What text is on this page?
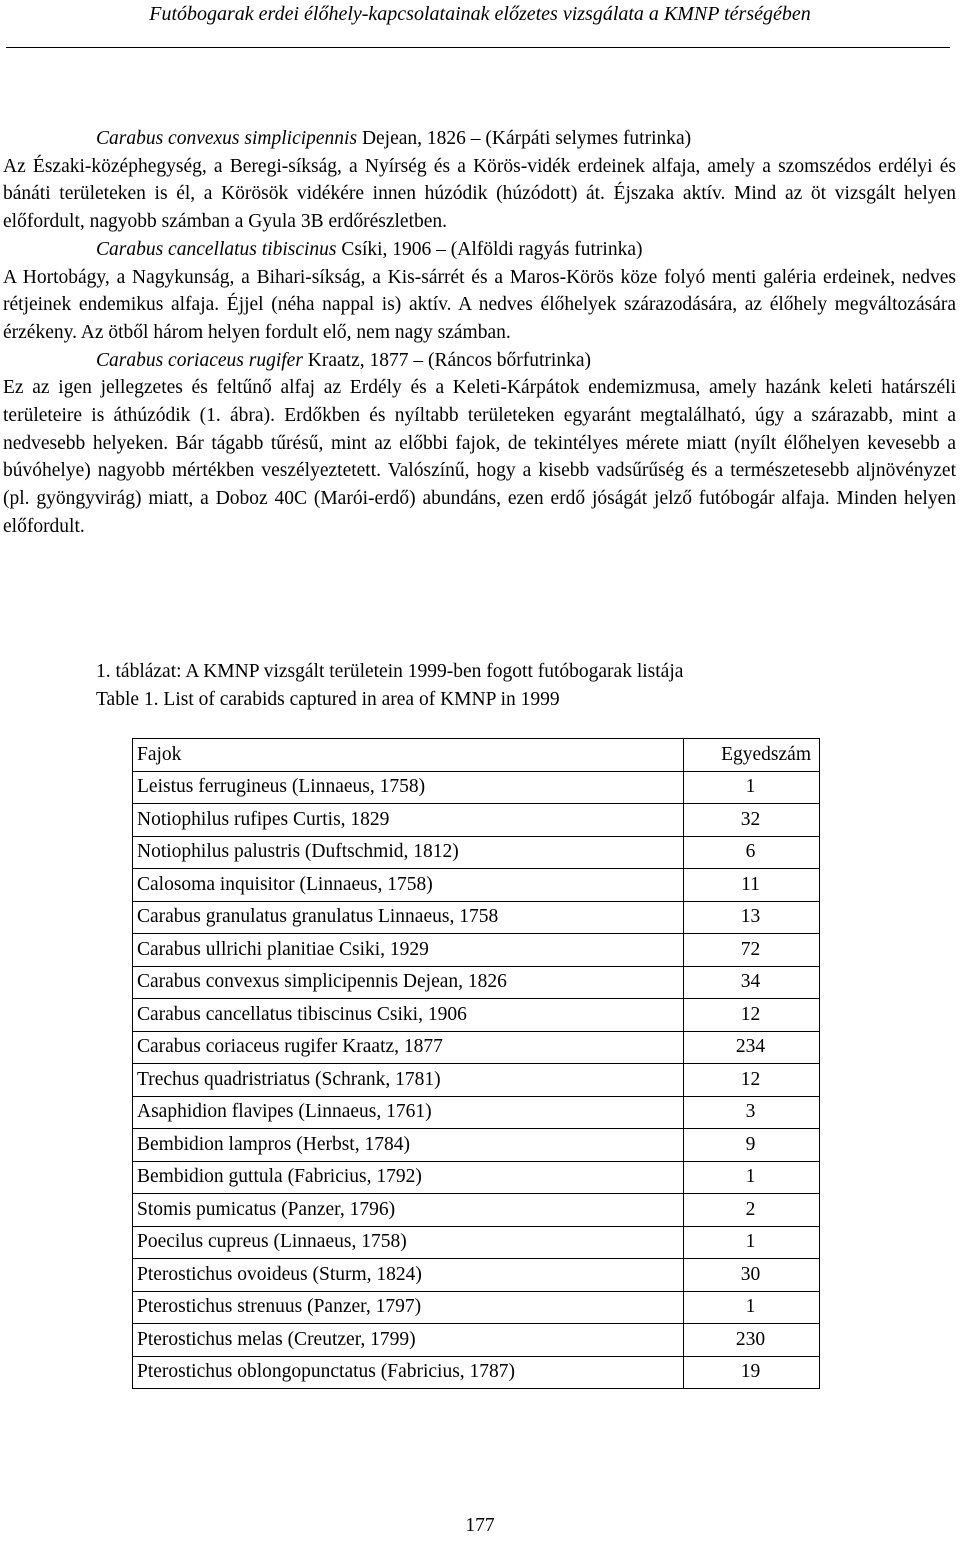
Futóbogarak erdei élőhely-kapcsolatainak előzetes vizsgálata a KMNP térségében

Carabus convexus simplicipennis Dejean, 1826 – (Kárpáti selymes futrinka)

Az Északi-középhegység, a Beregi-síkság, a Nyírség és a Körös-vidék erdeinek alfaja, amely a szomszédos erdélyi és bánáti területeken is él, a Körösök vidékére innen húzódik (húzódott) át. Éjszaka aktív. Mind az öt vizsgált helyen előfordult, nagyobb számban a Gyula 3B erdőrészletben.

Carabus cancellatus tibiscinus Csíki, 1906 – (Alföldi ragyás futrinka)

A Hortobágy, a Nagykunság, a Bihari-síkság, a Kis-sárrét és a Maros-Körös köze folyó menti galéria erdeinek, nedves rétjeinek endemikus alfaja. Éjjel (néha nappal is) aktív. A nedves élőhelyek szárazodására, az élőhely megváltozására érzékeny. Az ötből három helyen fordult elő, nem nagy számban.

Carabus coriaceus rugifer Kraatz, 1877 – (Ráncos bőrfutrinka)

Ez az igen jellegzetes és feltűnő alfaj az Erdély és a Keleti-Kárpátok endemizmusa, amely hazánk keleti határszéli területeire is áthúzódik (1. ábra). Erdőkben és nyíltabb területeken egyaránt megtalálható, úgy a szárazabb, mint a nedvesebb helyeken. Bár tágabb tűrésű, mint az előbbi fajok, de tekintélyes mérete miatt (nyílt élőhelyen kevesebb a búvóhelye) nagyobb mértékben veszélyeztetett. Valószínű, hogy a kisebb vadsűrűség és a természetesebb aljnövényzet (pl. gyöngyvirág) miatt, a Doboz 40C (Marói-erdő) abundáns, ezen erdő jóságát jelző futóbogár alfaja. Minden helyen előfordult.

1. táblázat: A KMNP vizsgált területein 1999-ben fogott futóbogarak listája
Table 1. List of carabids captured in area of KMNP in 1999
Fajok	Egyedszám
Leistus ferrugineus (Linnaeus, 1758)	1
Notiophilus rufipes Curtis, 1829	32
Notiophilus palustris (Duftschmid, 1812)	6
Calosoma inquisitor (Linnaeus, 1758)	11
Carabus granulatus granulatus Linnaeus, 1758	13
Carabus ullrichi planitiae Csiki, 1929	72
Carabus convexus simplicipennis Dejean, 1826	34
Carabus cancellatus tibiscinus Csiki, 1906	12
Carabus coriaceus rugifer Kraatz, 1877	234
Trechus quadristriatus (Schrank, 1781)	12
Asaphidion flavipes (Linnaeus, 1761)	3
Bembidion lampros (Herbst, 1784)	9
Bembidion guttula (Fabricius, 1792)	1
Stomis pumicatus (Panzer, 1796)	2
Poecilus cupreus (Linnaeus, 1758)	1
Pterostichus ovoideus (Sturm, 1824)	30
Pterostichus strenuus (Panzer, 1797)	1
Pterostichus melas (Creutzer, 1799)	230
Pterostichus oblongopunctatus (Fabricius, 1787)	19
177
